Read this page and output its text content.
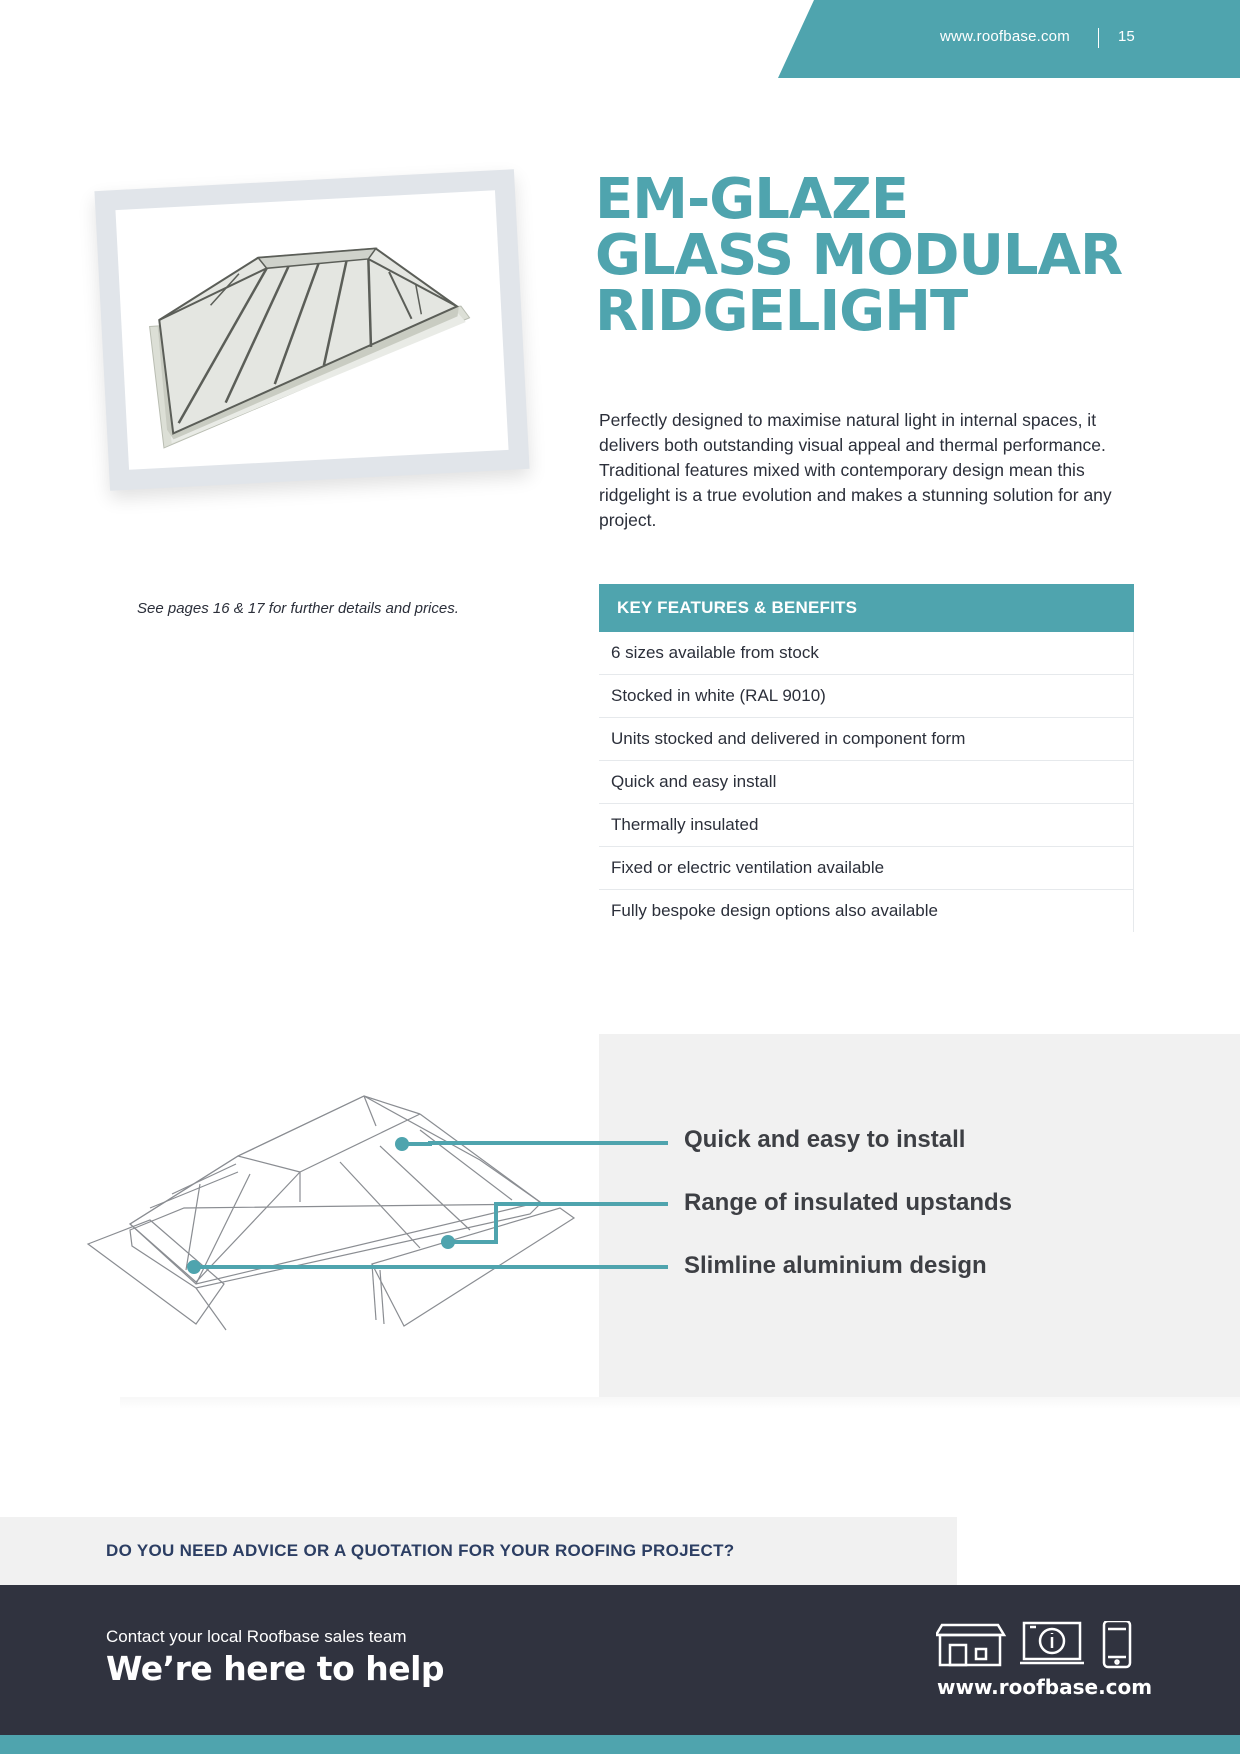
www.roofbase.com	15
EM-GLAZE
GLASS MODULAR
RIDGELIGHT

Perfectly designed to maximise natural light in internal spaces, it delivers both outstanding visual appeal and thermal performance. Traditional features mixed with contemporary design mean this ridgelight is a true evolution and makes a stunning solution for any project.

See pages 16 & 17 for further details and prices.	KEY FEATURES & BENEFITS
6 sizes available from stock
Stocked in white (RAL 9010)
Units stocked and delivered in component form
Quick and easy install
Thermally insulated
Fixed or electric ventilation available
Fully bespoke design options also available
Quick and easy to install
Range of insulated upstands
Slimline aluminium design
DO YOU NEED ADVICE OR A QUOTATION FOR YOUR ROOFING PROJECT?
Contact your local Roofbase sales team
We’re here to help	www.roofbase.com
